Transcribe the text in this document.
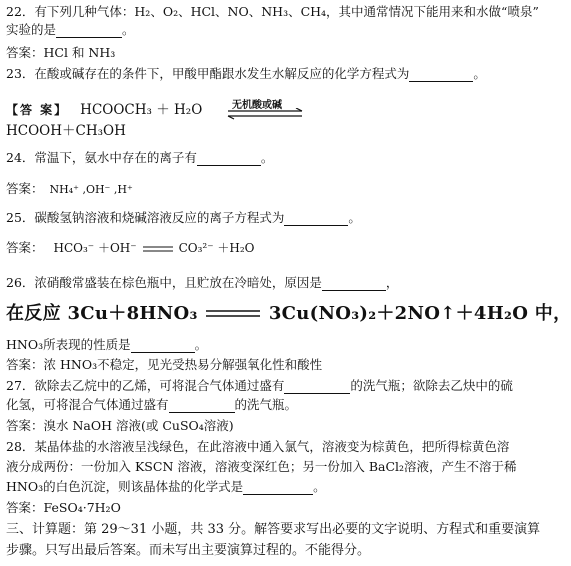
22．有下列几种气体：H₂、O₂、HCl、NO、NH₃、CH₄，其中通常情况下能用来和水做“喷泉”
实验的是	。
答案：HCl 和 NH₃
23．在酸或碱存在的条件下，甲酸甲酯跟水发生水解反应的化学方程式为	。
【答 案】 HCOOCH₃ ＋ H₂O	无机酸或碱
HCOOH＋CH₃OH
24．常温下，氨水中存在的离子有	。
答案： NH₄⁺ ,OH⁻ ,H⁺
25．碳酸氢钠溶液和烧碱溶液反应的离子方程式为	。
答案： HCO₃⁻ ＋OH⁻	CO₃²⁻ ＋H₂O
26．浓硝酸常盛装在棕色瓶中，且贮放在冷暗处，原因是	，
在反应 3Cu＋8HNO₃	3Cu(NO₃)₂＋2NO↑＋4H₂O 中，
HNO₃所表现的性质是	。
答案：浓 HNO₃不稳定，见光受热易分解强氧化性和酸性
27．欲除去乙烷中的乙烯，可将混合气体通过盛有	的洗气瓶；欲除去乙炔中的硫
化氢，可将混合气体通过盛有	的洗气瓶。
答案：溴水 NaOH 溶液(或 CuSO₄溶液)
28．某晶体盐的水溶液呈浅绿色，在此溶液中通入氯气，溶液变为棕黄色，把所得棕黄色溶
液分成两份：一份加入 KSCN 溶液，溶液变深红色；另一份加入 BaCl₂溶液，产生不溶于稀
HNO₃的白色沉淀，则该晶体盐的化学式是	。
答案：FeSO₄·7H₂O
三、计算题：第 29～31 小题，共 33 分。解答要求写出必要的文字说明、方程式和重要演算
步骤。只写出最后答案。而未写出主要演算过程的。不能得分。
